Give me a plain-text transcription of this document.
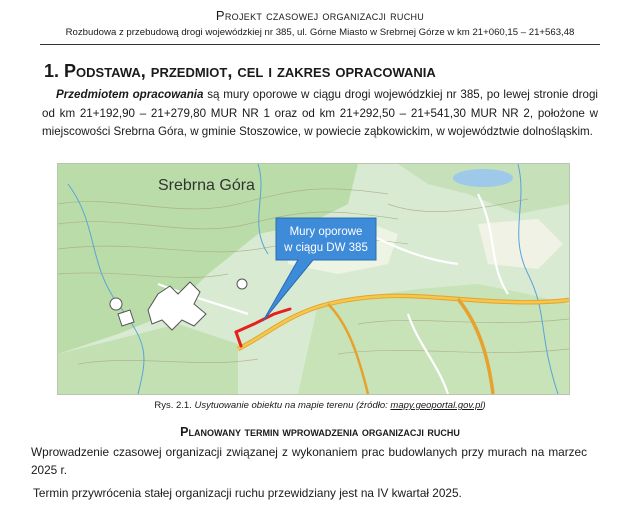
Projekt czasowej organizacji ruchu
Rozbudowa z przebudową drogi wojewódzkiej nr 385, ul. Górne Miasto w Srebrnej Górze w km 21+060,15 – 21+563,48
1. Podstawa, przedmiot, cel i zakres opracowania
Przedmiotem opracowania są mury oporowe w ciągu drogi wojewódzkiej nr 385, po lewej stronie drogi od km 21+192,90 – 21+279,80 MUR NR 1 oraz od km 21+292,50 – 21+541,30 MUR NR 2, położone w miejscowości Srebrna Góra, w gminie Stoszowice, w powiecie ząbkowickim, w województwie dolnośląskim.
Mury oporowe
w ciągu DW 385
Srebrna Góra
Rys. 2.1. Usytuowanie obiektu na mapie terenu (źródło: mapy.geoportal.gov.pl)
Planowany termin wprowadzenia organizacji ruchu
Wprowadzenie czasowej organizacji związanej z wykonaniem prac budowlanych przy murach na marzec 2025 r.
Termin przywrócenia stałej organizacji ruchu przewidziany jest na IV kwartał 2025.
